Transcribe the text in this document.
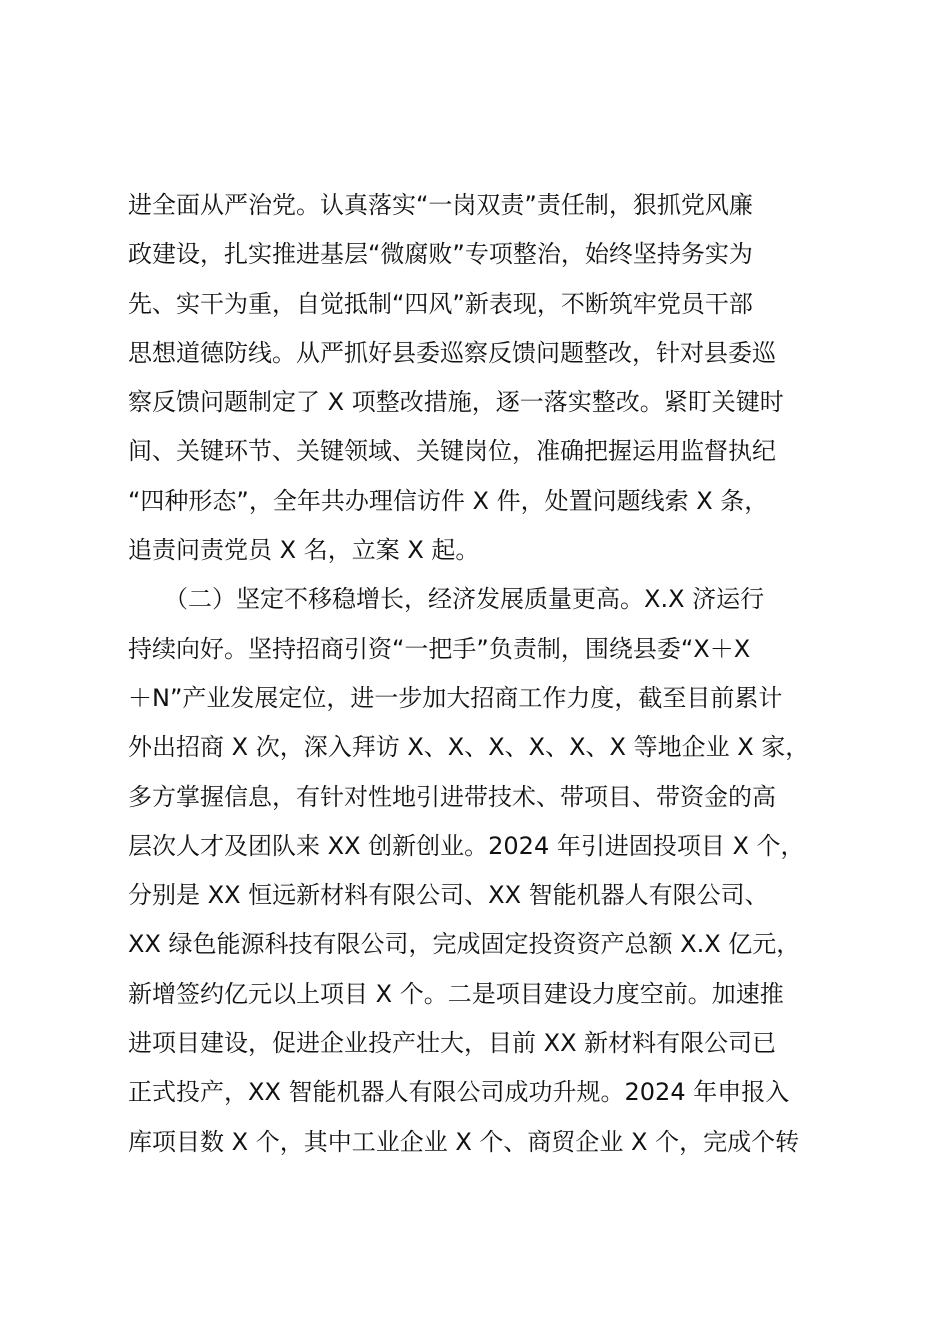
进全面从严治党。认真落实“一岗双责”责任制，狠抓党风廉
政建设，扎实推进基层“微腐败”专项整治，始终坚持务实为
先、实干为重，自觉抵制“四风”新表现，不断筑牢党员干部
思想道德防线。从严抓好县委巡察反馈问题整改，针对县委巡
察反馈问题制定了 X 项整改措施，逐一落实整改。紧盯关键时
间、关键环节、关键领域、关键岗位，准确把握运用监督执纪
“四种形态”，全年共办理信访件 X 件，处置问题线索 X 条，
追责问责党员 X 名，立案 X 起。
　　（二）坚定不移稳增长，经济发展质量更高。X.X 济运行
持续向好。坚持招商引资“一把手”负责制，围绕县委“X＋X
＋N”产业发展定位，进一步加大招商工作力度，截至目前累计
外出招商 X 次，深入拜访 X、X、X、X、X、X 等地企业 X 家，
多方掌握信息，有针对性地引进带技术、带项目、带资金的高
层次人才及团队来 XX 创新创业。2024 年引进固投项目 X 个，
分别是 XX 恒远新材料有限公司、XX 智能机器人有限公司、
XX 绿色能源科技有限公司，完成固定投资资产总额 X.X 亿元，
新增签约亿元以上项目 X 个。二是项目建设力度空前。加速推
进项目建设，促进企业投产壮大，目前 XX 新材料有限公司已
正式投产，XX 智能机器人有限公司成功升规。2024 年申报入
库项目数 X 个，其中工业企业 X 个、商贸企业 X 个，完成个转
